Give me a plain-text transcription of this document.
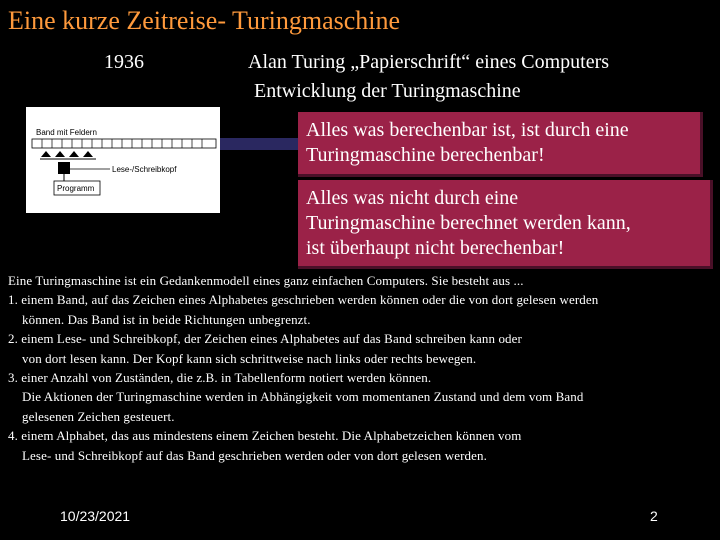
Eine kurze Zeitreise- Turingmaschine
1936	Alan Turing „Papierschrift“ eines Computers
Entwicklung der Turingmaschine
Band mit Feldern
Lese-/Schreibkopf
Programm
Alles was berechenbar ist, ist durch eine Turingmaschine berechenbar!
Alles was nicht durch eine
Turingmaschine berechnet werden kann,
ist überhaupt nicht berechenbar!
Eine Turingmaschine ist ein Gedankenmodell eines ganz einfachen Computers. Sie besteht aus ...
1. einem Band, auf das Zeichen eines Alphabetes geschrieben werden können oder die von dort gelesen werden
können. Das Band ist in beide Richtungen unbegrenzt.
2. einem Lese- und Schreibkopf, der Zeichen eines Alphabetes auf das Band schreiben kann oder
von dort lesen kann. Der Kopf kann sich schrittweise nach links oder rechts bewegen.
3. einer Anzahl von Zuständen, die z.B. in Tabellenform notiert werden können.
Die Aktionen der Turingmaschine werden in Abhängigkeit vom momentanen Zustand und dem vom Band
gelesenen Zeichen gesteuert.
4. einem Alphabet, das aus mindestens einem Zeichen besteht. Die Alphabetzeichen können vom
Lese- und Schreibkopf auf das Band geschrieben werden oder von dort gelesen werden.
10/23/2021	2
